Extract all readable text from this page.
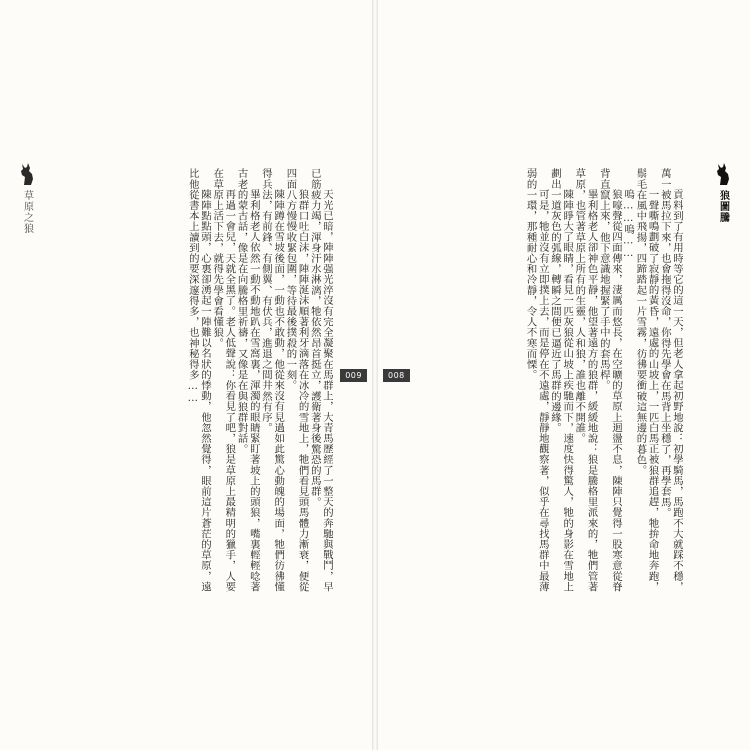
草原之狼	天光已暗，陣陣强光淬沒有完全凝聚在馬群上，大青馬歷經了一整天的奔馳與戰鬥，早已筋疲力竭，渾身汗水淋漓，牠依然昂首挺立，護衛著身後驚恐的馬群。

狼群口吐白沫，陣陣涎沫順著利牙滴落在冰冷的雪地上，牠們看見頭馬體力漸衰，便從四面八方慢慢收緊包圍，等待最後撲殺的一刻。

陳陣蹲在雪坡後面，一動也不敢動，他從來沒有見過如此驚心動魄的場面，牠們彷彿懂得兵法，有前鋒、有側翼、有伏兵，進退之間井然有序。

畢利格老人依然一動不動地趴在雪窩裏，渾濁的眼睛緊盯著坡上的頭狼，嘴裏輕輕唸著古老的蒙古話，像是在向騰格里祈禱，又像是在與狼群對話。

再過一會兒，天就全黑了。老人低聲說：你看見了吧，狼是草原上最精明的獵手，人要在草原上活下去，就得先學會看懂狼。

陳陣點點頭，心裏卻湧起一陣難以名狀的悸動，他忽然覺得，眼前這片蒼茫的草原，遠比他從書本上讀到的要深邃得多，也神秘得多……	009
狼圖騰

貢料到了有用時等它的這一天，但老人拿起初野地說：初學騎馬，馬跑不大就踩不穩，萬一被馬拉下來，也會拖得沒命，你得先學會在馬背上坐穩了，再學套馬。

一聲嘶鳴劃破了寂靜的黃昏，遠處的山坡上，一匹白馬正被狼群追趕，牠拚命地奔跑，鬃毛在風中飛揚，四蹄踏起一片雪霧，彷彿要衝破這無邊的暮色。

嗚……嗚……

狼嚎聲從四面傳來，淒厲而悠長，在空曠的草原上迴盪不息，陳陣只覺得一股寒意從脊背直竄上來，他下意識地握緊了手中的套馬桿。

畢利格老人卻神色平靜，他望著遠方的狼群，緩緩地說：狼是騰格里派來的，牠們管著草原，也管著草原上所有的生靈，人和狼，誰也離不開誰。

陳陣睜大了眼睛，看見一匹灰狼從山坡上疾馳而下，速度快得驚人，牠的身影在雪地上劃出一道灰色的弧線，轉瞬之間便已逼近了馬群的邊緣。

可是，牠並沒有立即撲上去，而是停在不遠處，靜靜地觀察著，似乎在尋找馬群中最薄弱的一環，那種耐心和冷靜，令人不寒而慄。

008
